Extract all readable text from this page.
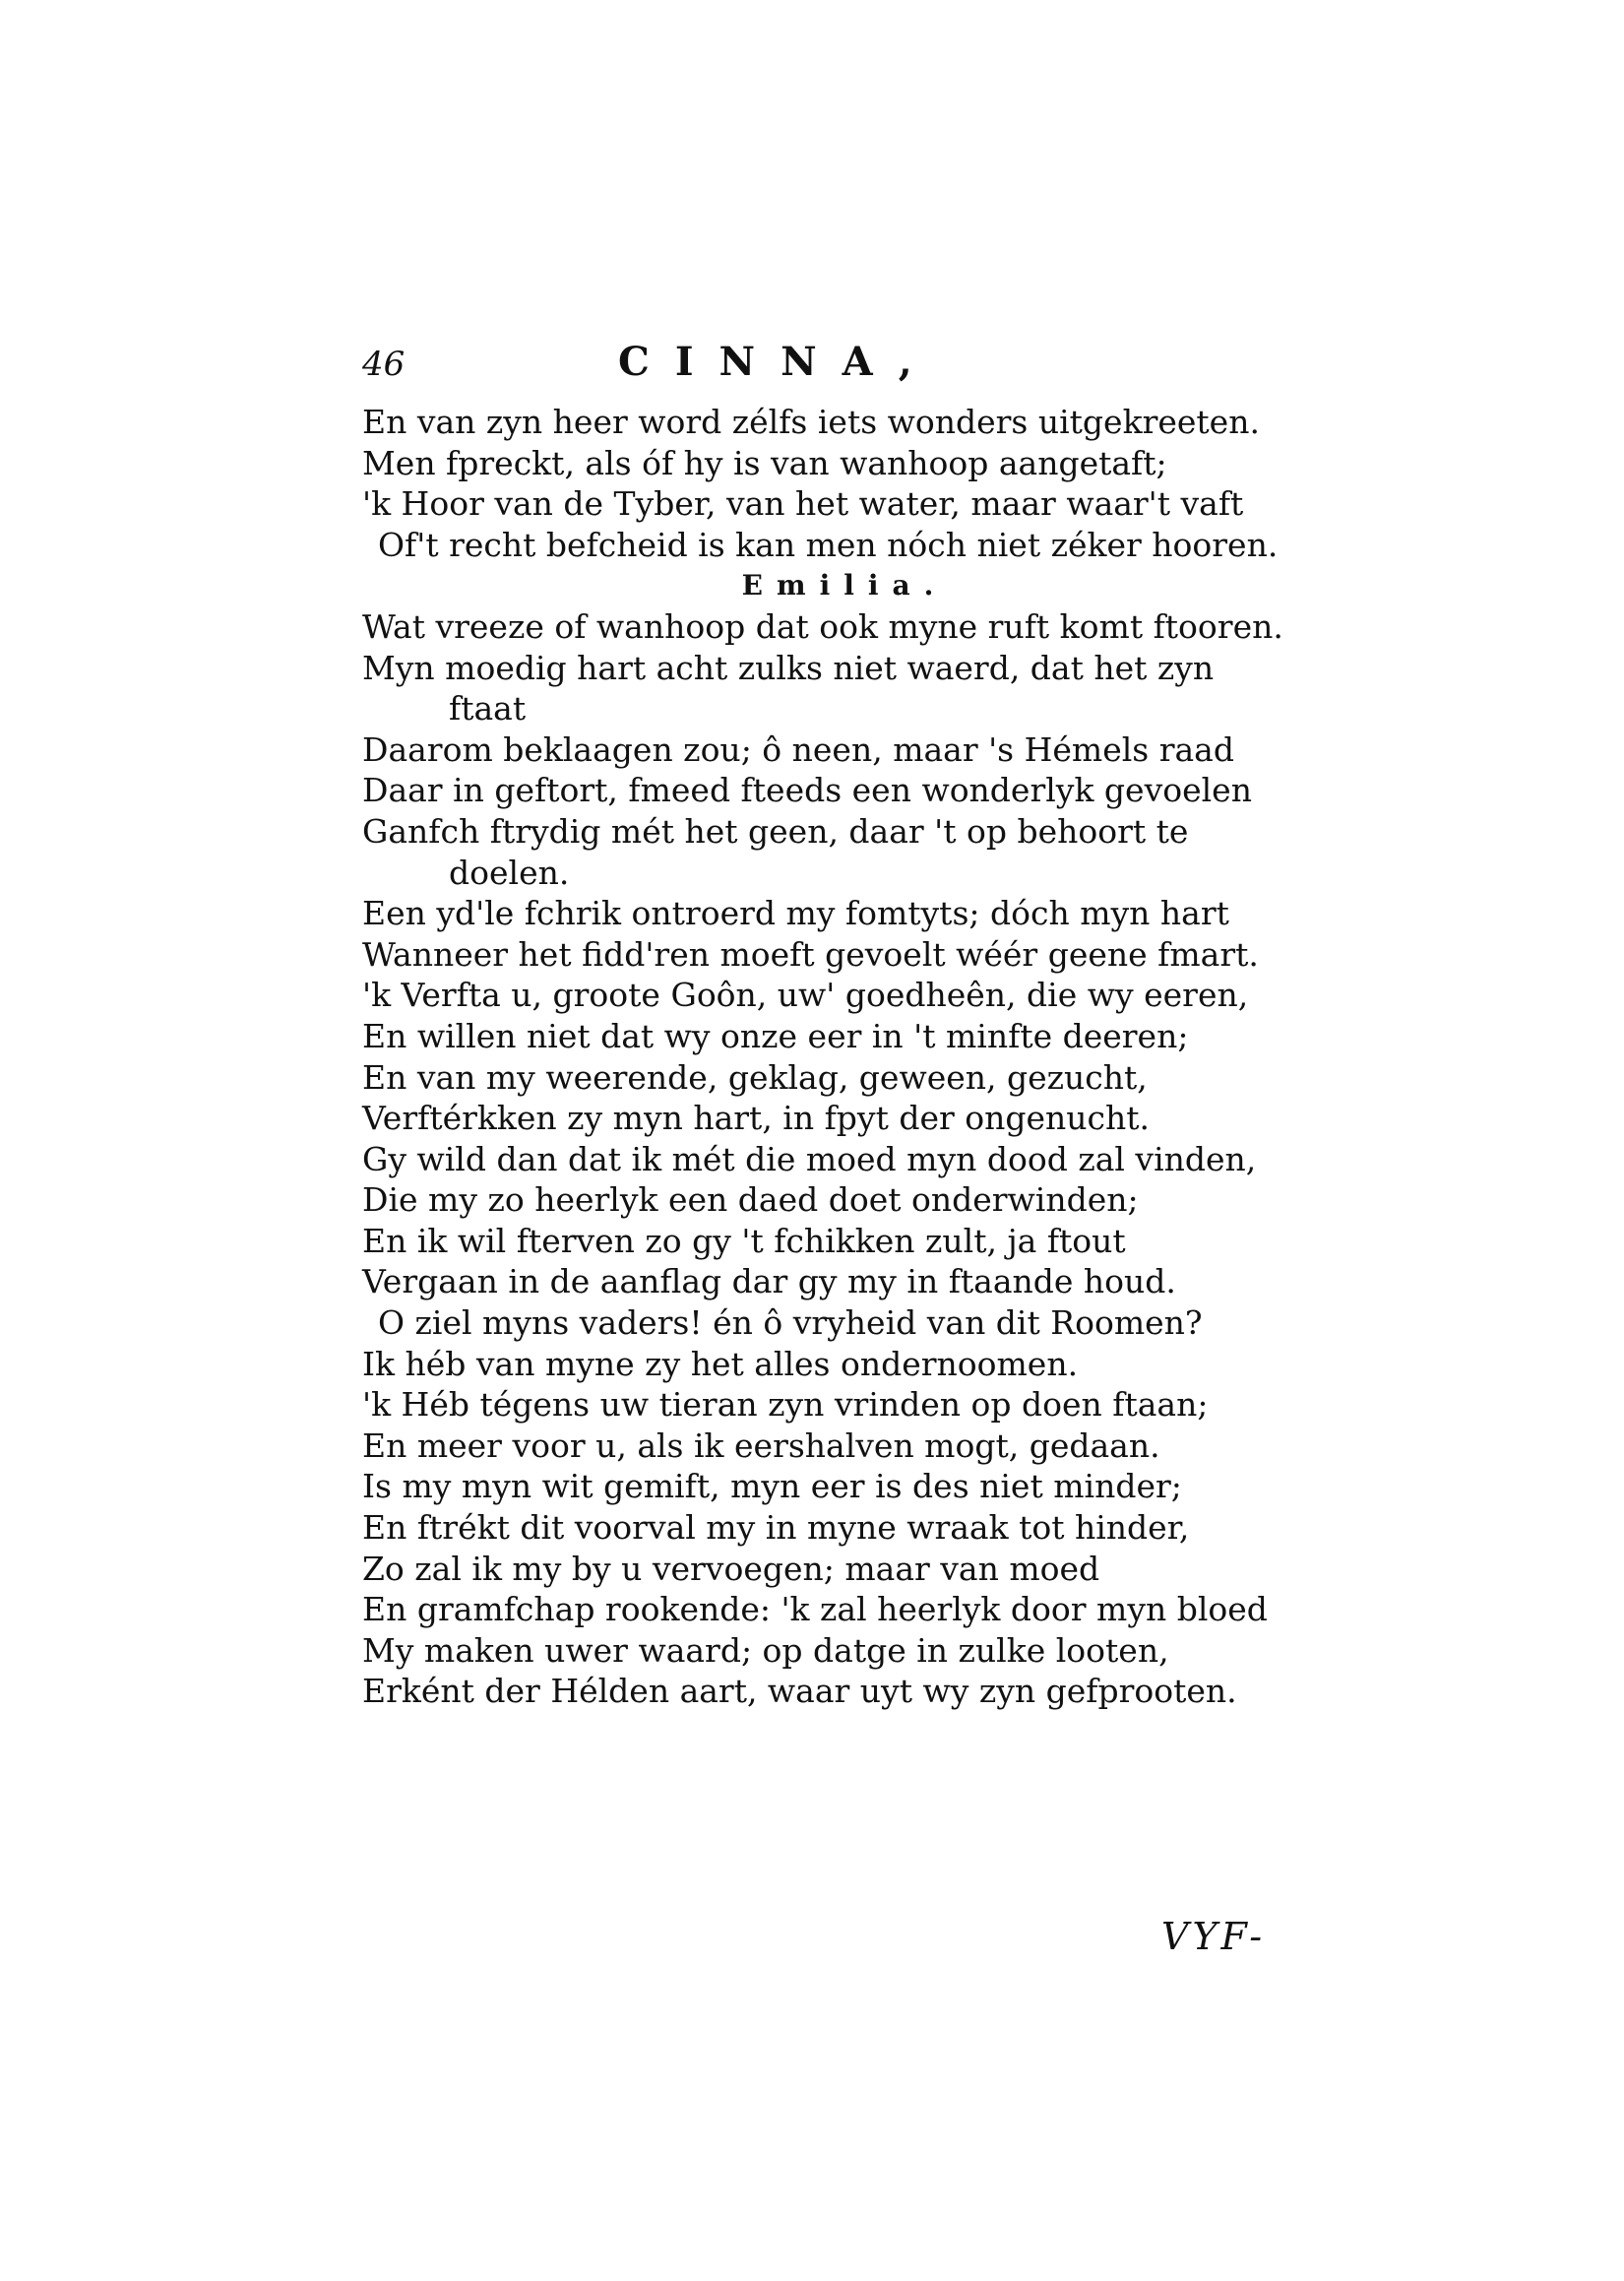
46	CINNA,
En van zyn heer word zélfs iets wonders uitgekreeten.
Men fpreckt, als óf hy is van wanhoop aangetaft;
'k Hoor van de Tyber, van het water, maar waar't vaft
Of't recht befcheid is kan men nóch niet zéker hooren.
Emilia.
Wat vreeze of wanhoop dat ook myne ruft komt ftooren.
Myn moedig hart acht zulks niet waerd, dat het zyn
ftaat
Daarom beklaagen zou; ô neen, maar 's Hémels raad
Daar in geftort, fmeed fteeds een wonderlyk gevoelen
Ganfch ftrydig mét het geen, daar 't op behoort te
doelen.
Een yd'le fchrik ontroerd my fomtyts; dóch myn hart
Wanneer het fidd'ren moeft gevoelt wéér geene fmart.
'k Verfta u, groote Goôn, uw' goedheên, die wy eeren,
En willen niet dat wy onze eer in 't minfte deeren;
En van my weerende, geklag, geween, gezucht,
Verftérkken zy myn hart, in fpyt der ongenucht.
Gy wild dan dat ik mét die moed myn dood zal vinden,
Die my zo heerlyk een daed doet onderwinden;
En ik wil fterven zo gy 't fchikken zult, ja ftout
Vergaan in de aanflag dar gy my in ftaande houd.
O ziel myns vaders! én ô vryheid van dit Roomen?
Ik héb van myne zy het alles ondernoomen.
'k Héb tégens uw tieran zyn vrinden op doen ftaan;
En meer voor u, als ik eershalven mogt, gedaan.
Is my myn wit gemift, myn eer is des niet minder;
En ftrékt dit voorval my in myne wraak tot hinder,
Zo zal ik my by u vervoegen; maar van moed
En gramfchap rookende: 'k zal heerlyk door myn bloed
My maken uwer waard; op datge in zulke looten,
Erként der Hélden aart, waar uyt wy zyn gefprooten.
VYF-
